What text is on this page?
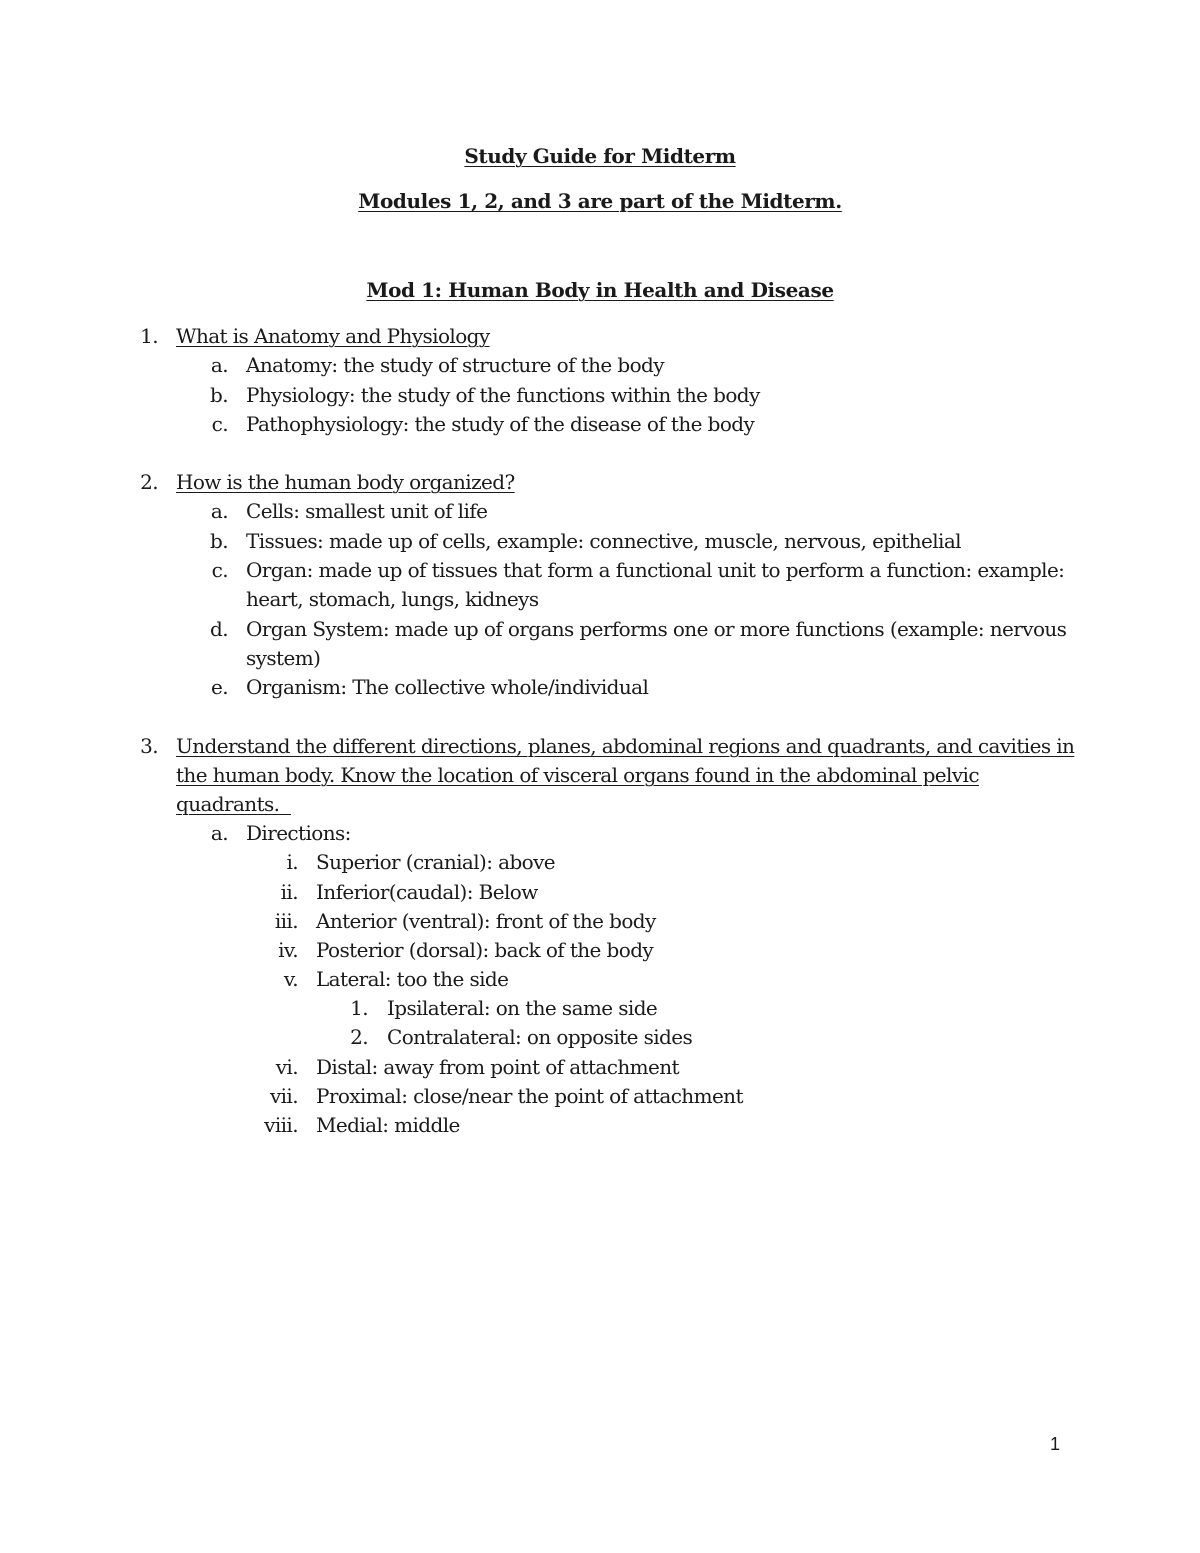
Study Guide for Midterm
Modules 1, 2, and 3 are part of the Midterm.
Mod 1: Human Body in Health and Disease
1. What is Anatomy and Physiology
a. Anatomy: the study of structure of the body
b. Physiology: the study of the functions within the body
c. Pathophysiology: the study of the disease of the body
2. How is the human body organized?
a. Cells: smallest unit of life
b. Tissues: made up of cells, example: connective, muscle, nervous, epithelial
c. Organ: made up of tissues that form a functional unit to perform a function: example:
heart, stomach, lungs, kidneys
d. Organ System: made up of organs performs one or more functions (example: nervous
system)
e. Organism: The collective whole/individual
3. Understand the different directions, planes, abdominal regions and quadrants, and cavities in
the human body. Know the location of visceral organs found in the abdominal pelvic
quadrants.
a. Directions:
i. Superior (cranial): above
ii. Inferior(caudal): Below
iii. Anterior (ventral): front of the body
iv. Posterior (dorsal): back of the body
v. Lateral: too the side
1. Ipsilateral: on the same side
2. Contralateral: on opposite sides
vi. Distal: away from point of attachment
vii. Proximal: close/near the point of attachment
viii. Medial: middle
1
